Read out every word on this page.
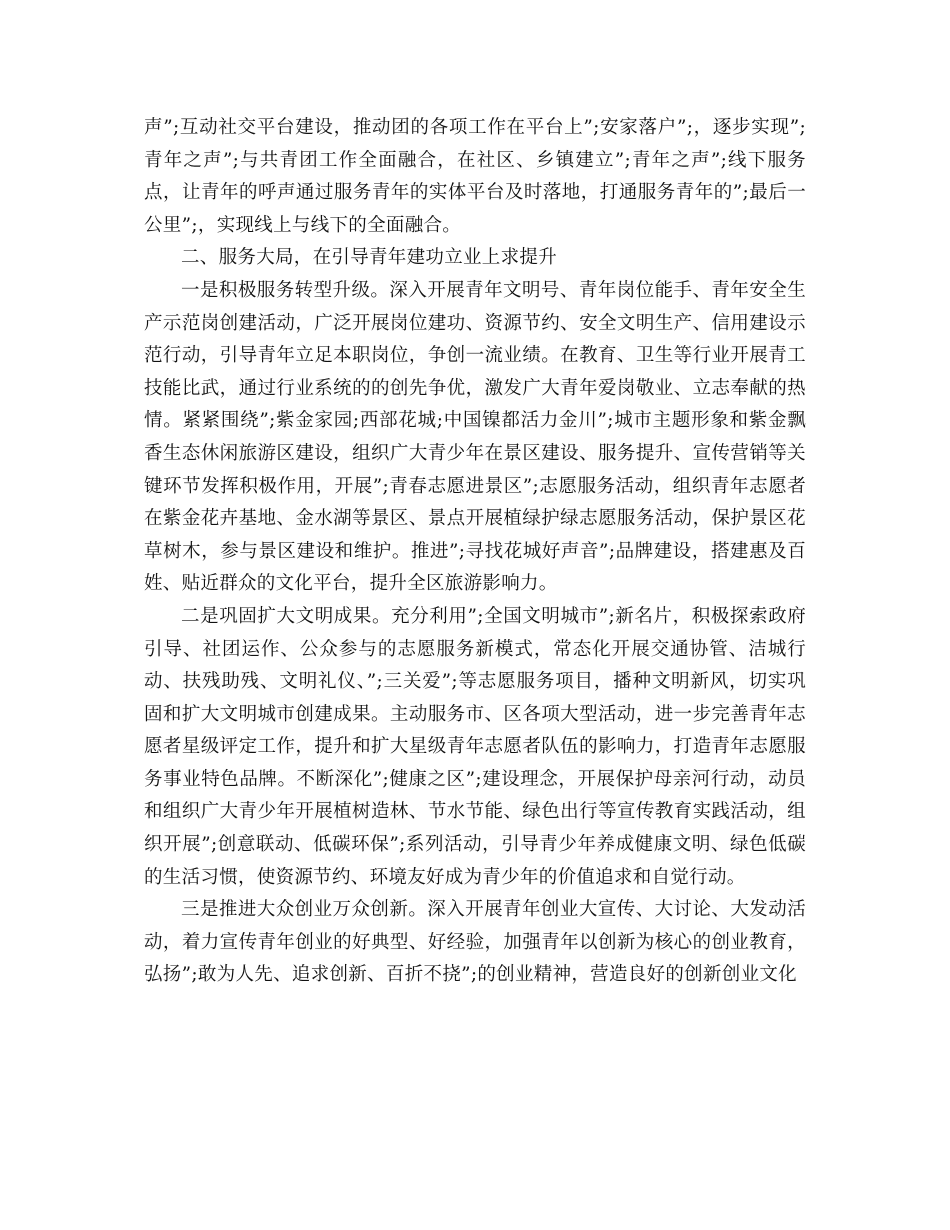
声”;互动社交平台建设，推动团的各项工作在平台上”;安家落户”;，逐步实现”;青年之声”;与共青团工作全面融合，在社区、乡镇建立”;青年之声”;线下服务点，让青年的呼声通过服务青年的实体平台及时落地，打通服务青年的”;最后一公里”;，实现线上与线下的全面融合。

二、服务大局，在引导青年建功立业上求提升

一是积极服务转型升级。深入开展青年文明号、青年岗位能手、青年安全生产示范岗创建活动，广泛开展岗位建功、资源节约、安全文明生产、信用建设示范行动，引导青年立足本职岗位，争创一流业绩。在教育、卫生等行业开展青工技能比武，通过行业系统的的创先争优，激发广大青年爱岗敬业、立志奉献的热情。紧紧围绕”;紫金家园;西部花城;中国镍都活力金川”;城市主题形象和紫金飘香生态休闲旅游区建设，组织广大青少年在景区建设、服务提升、宣传营销等关键环节发挥积极作用，开展”;青春志愿进景区”;志愿服务活动，组织青年志愿者在紫金花卉基地、金水湖等景区、景点开展植绿护绿志愿服务活动，保护景区花草树木，参与景区建设和维护。推进”;寻找花城好声音”;品牌建设，搭建惠及百姓、贴近群众的文化平台，提升全区旅游影响力。

二是巩固扩大文明成果。充分利用”;全国文明城市”;新名片，积极探索政府引导、社团运作、公众参与的志愿服务新模式，常态化开展交通协管、洁城行动、扶残助残、文明礼仪、”;三关爱”;等志愿服务项目，播种文明新风，切实巩固和扩大文明城市创建成果。主动服务市、区各项大型活动，进一步完善青年志愿者星级评定工作，提升和扩大星级青年志愿者队伍的影响力，打造青年志愿服务事业特色品牌。不断深化”;健康之区”;建设理念，开展保护母亲河行动，动员和组织广大青少年开展植树造林、节水节能、绿色出行等宣传教育实践活动，组织开展”;创意联动、低碳环保”;系列活动，引导青少年养成健康文明、绿色低碳的生活习惯，使资源节约、环境友好成为青少年的价值追求和自觉行动。

三是推进大众创业万众创新。深入开展青年创业大宣传、大讨论、大发动活动，着力宣传青年创业的好典型、好经验，加强青年以创新为核心的创业教育，弘扬”;敢为人先、追求创新、百折不挠”;的创业精神，营造良好的创新创业文化
